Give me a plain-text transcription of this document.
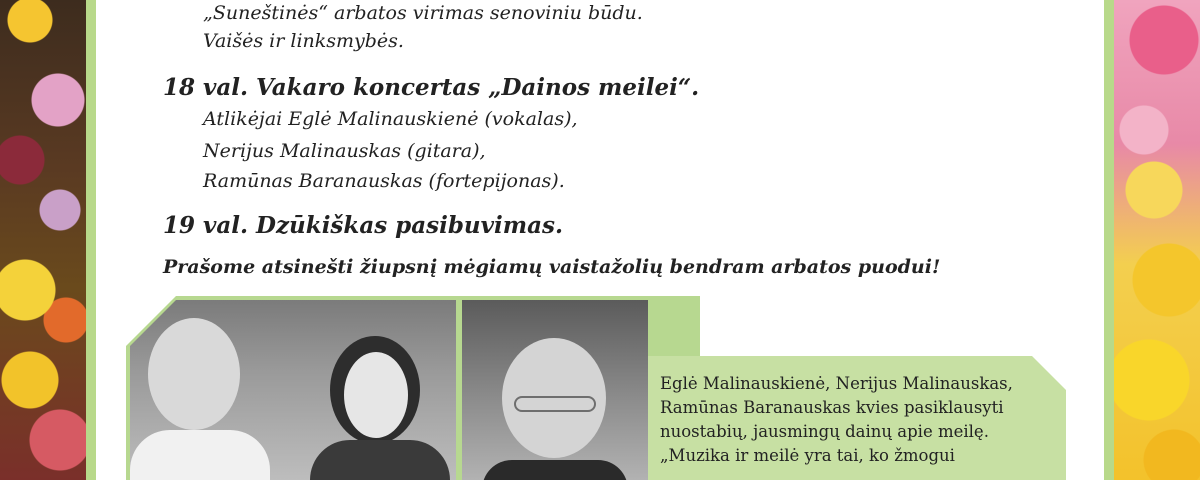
„Suneštinės“ arbatos virimas senoviniu būdu.
Vaišės ir linksmybės.
18 val. Vakaro koncertas „Dainos meilei“.
Atlikėjai Eglė Malinauskienė (vokalas),
Nerijus Malinauskas (gitara),
Ramūnas Baranauskas (fortepijonas).
19 val. Dzūkiškas pasibuvimas.
Prašome atsinešti žiupsnį mėgiamų vaistažolių bendram arbatos puodui!
Eglė Malinauskienė, Nerijus Malinauskas,
Ramūnas Baranauskas kvies pasiklausyti
nuostabių, jausmingų dainų apie meilę.
„Muzika ir meilė yra tai, ko žmogui
